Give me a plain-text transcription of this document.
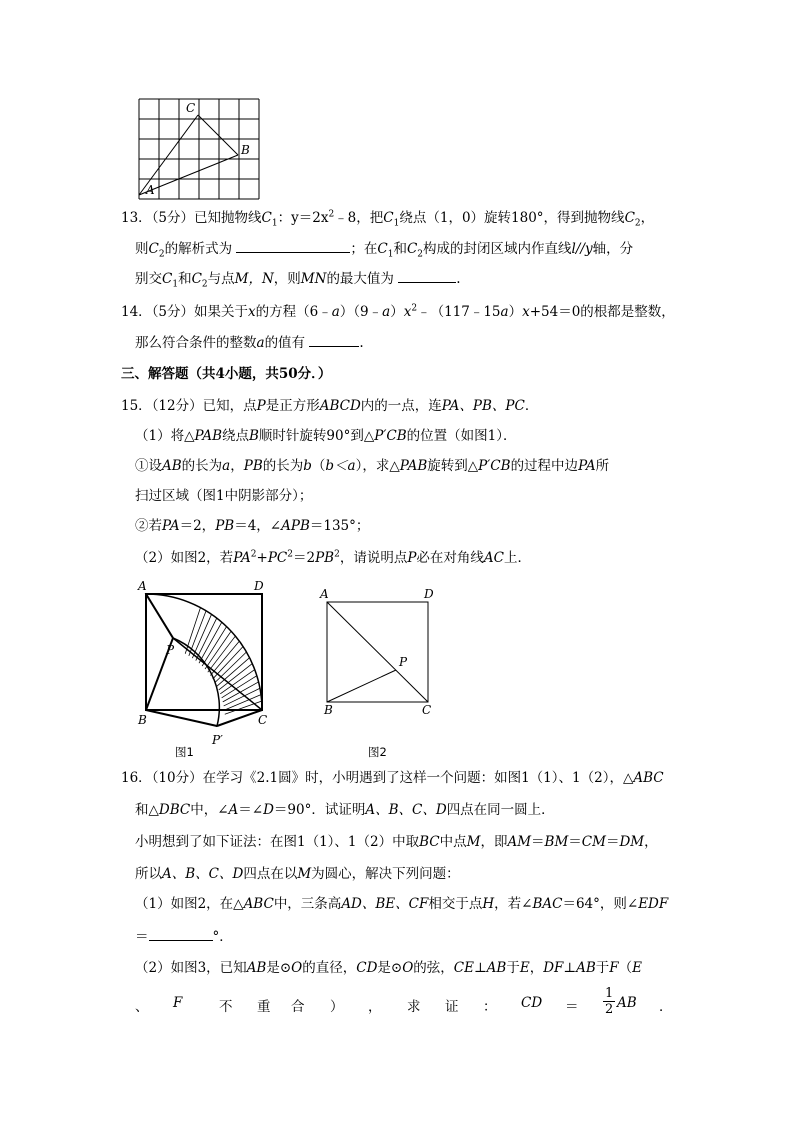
C
B
A
13．（5分）已知抛物线$C_1$：$y=2x^2﹣8$，把$C_1$绕点（1，0）旋转180°，得到抛物线$C_2$，
则$C_2$的解析式为	；在$C_1$和$C_2$构成的封闭区域内作直线l//y轴，分
别交$C_1$和$C_2$与点M，N，则MN的最大值为	.
14．（5分）如果关于x的方程$(6﹣a)(9﹣a)x^2﹣(117﹣15a)x+54=0$的根都是整数，
那么符合条件的整数a的值有	.
三、解答题（共4小题，共50分．）
15．（12分）已知，点P是正方形ABCD内的一点，连PA、PB、PC．
（1）将△PAB绕点B顺时针旋转90°到△P′CB的位置（如图1）．
①设AB的长为a，PB的长为b（b＜a），求△PAB旋转到△P′CB的过程中边PA所
扫过区域（图1中阴影部分）；
②若PA＝2，PB＝4，∠APB＝135°；
（2）如图2，若$PA^2+PC^2=2PB^2$，请说明点P必在对角线AC上．
A	D
P
B	C
P′
图1
A	D
P
B	C
图2
16．（10分）在学习《2.1圆》时，小明遇到了这样一个问题：如图1（1）、1（2），△ABC
和△DBC中，∠A＝∠D＝90°．试证明A、B、C、D四点在同一圆上．
小明想到了如下证法：在图1（1）、1（2）中取BC中点M，即AM＝BM＝CM＝DM，
所以A、B、C、D四点在以M为圆心，解决下列问题：
（1）如图2，在△ABC中，三条高AD、BE、CF相交于点H，若∠BAC＝64°，则∠EDF
＝	°．
（2）如图3，已知AB是⊙O的直径，CD是⊙O的弦，CE⊥AB于E，DF⊥AB于F（E
、 F	不 重 合 ） ， 求 证 ： CD ＝ $\frac{1}{2}$ AB ．
